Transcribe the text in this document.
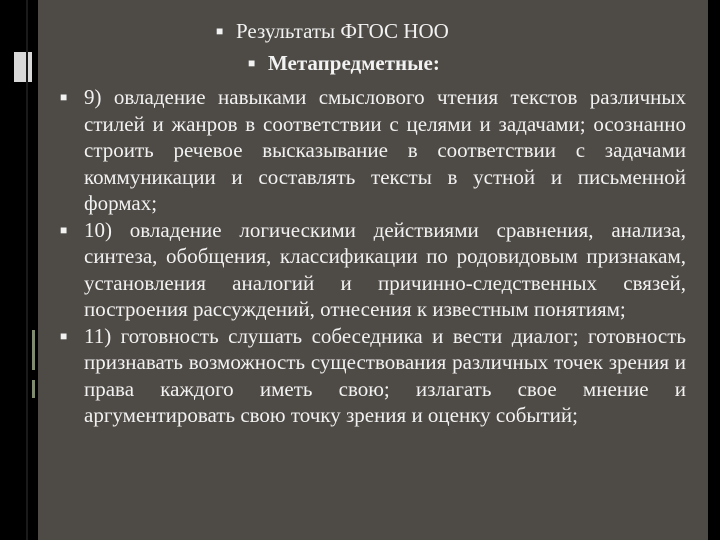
■ Результаты ФГОС НОО
■ Метапредметные:
■ 9) овладение навыками смыслового чтения текстов различных стилей и жанров в соответствии с целями и задачами; осознанно строить речевое высказывание в соответствии с задачами коммуникации и составлять тексты в устной и письменной формах;
■ 10) овладение логическими действиями сравнения, анализа, синтеза, обобщения, классификации по родовидовым признакам, установления аналогий и причинно-следственных связей, построения рассуждений, отнесения к известным понятиям;
■ 11) готовность слушать собеседника и вести диалог; готовность признавать возможность существования различных точек зрения и права каждого иметь свою; излагать свое мнение и аргументировать свою точку зрения и оценку событий;
